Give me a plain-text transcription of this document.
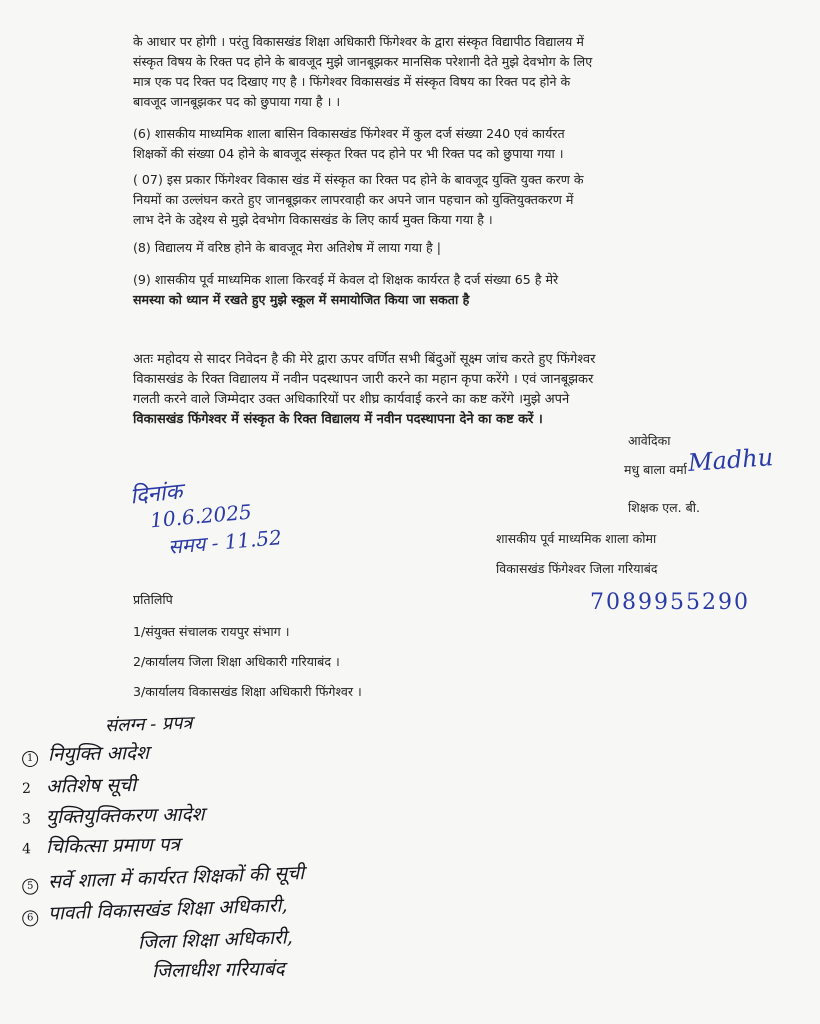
के आधार पर होगी । परंतु विकासखंड शिक्षा अधिकारी फिंगेश्वर के द्वारा संस्कृत विद्यापीठ विद्यालय में
संस्कृत विषय के रिक्त पद होने के बावजूद मुझे जानबूझकर मानसिक परेशानी देते मुझे देवभोग के लिए
मात्र एक पद रिक्त पद दिखाए गए है । फिंगेश्वर विकासखंड में संस्कृत विषय का रिक्त पद होने के
बावजूद जानबूझकर पद को छुपाया गया है । ।
(6) शासकीय माध्यमिक शाला बासिन विकासखंड फिंगेश्वर में कुल दर्ज संख्या 240 एवं कार्यरत
शिक्षकों की संख्या 04 होने के बावजूद संस्कृत रिक्त पद होने पर भी रिक्त पद को छुपाया गया ।
( 07) इस प्रकार फिंगेश्वर विकास खंड में संस्कृत का रिक्त पद होने के बावजूद युक्ति युक्त करण के
नियमों का उल्लंघन करते हुए जानबूझकर लापरवाही कर अपने जान पहचान को युक्तियुक्तकरण में
लाभ देने के उद्देश्य से मुझे देवभोग विकासखंड के लिए कार्य मुक्त किया गया है ।
(8) विद्यालय में वरिष्ठ होने के बावजूद मेरा अतिशेष में लाया गया है |
(9) शासकीय पूर्व माध्यमिक शाला किरवई में केवल दो शिक्षक कार्यरत है दर्ज संख्या 65 है मेरे
समस्या को ध्यान में रखते हुए मुझे स्कूल में समायोजित किया जा सकता है
अतः महोदय से सादर निवेदन है की मेरे द्वारा ऊपर वर्णित सभी बिंदुओं सूक्ष्म जांच करते हुए फिंगेश्वर
विकासखंड के रिक्त विद्यालय में नवीन पदस्थापन जारी करने का महान कृपा करेंगे । एवं जानबूझकर
गलती करने वाले जिम्मेदार उक्त अधिकारियों पर शीघ्र कार्यवाई करने का कष्ट करेंगे ।मुझे अपने
विकासखंड फिंगेश्वर में संस्कृत के रिक्त विद्यालय में नवीन पदस्थापना देने का कष्ट करें ।
आवेदिका
मधु बाला वर्मा Madhu
शिक्षक एल. बी.
शासकीय पूर्व माध्यमिक शाला कोमा
विकासखंड फिंगेश्वर जिला गरियाबंद
7089955290
दिनांक
10.6.2025
समय - 11.52
प्रतिलिपि
1/संयुक्त संचालक रायपुर संभाग ।
2/कार्यालय जिला शिक्षा अधिकारी गरियाबंद ।
3/कार्यालय विकासखंड शिक्षा अधिकारी फिंगेश्वर ।
संलग्न - प्रपत्र
1 नियुक्ति आदेश
2 अतिशेष सूची
3 युक्तियुक्तिकरण आदेश
4 चिकित्सा प्रमाण पत्र
5 सर्वे शाला में कार्यरत शिक्षकों की सूची
6 पावती विकासखंड शिक्षा अधिकारी,
जिला शिक्षा अधिकारी,
जिलाधीश गरियाबंद
